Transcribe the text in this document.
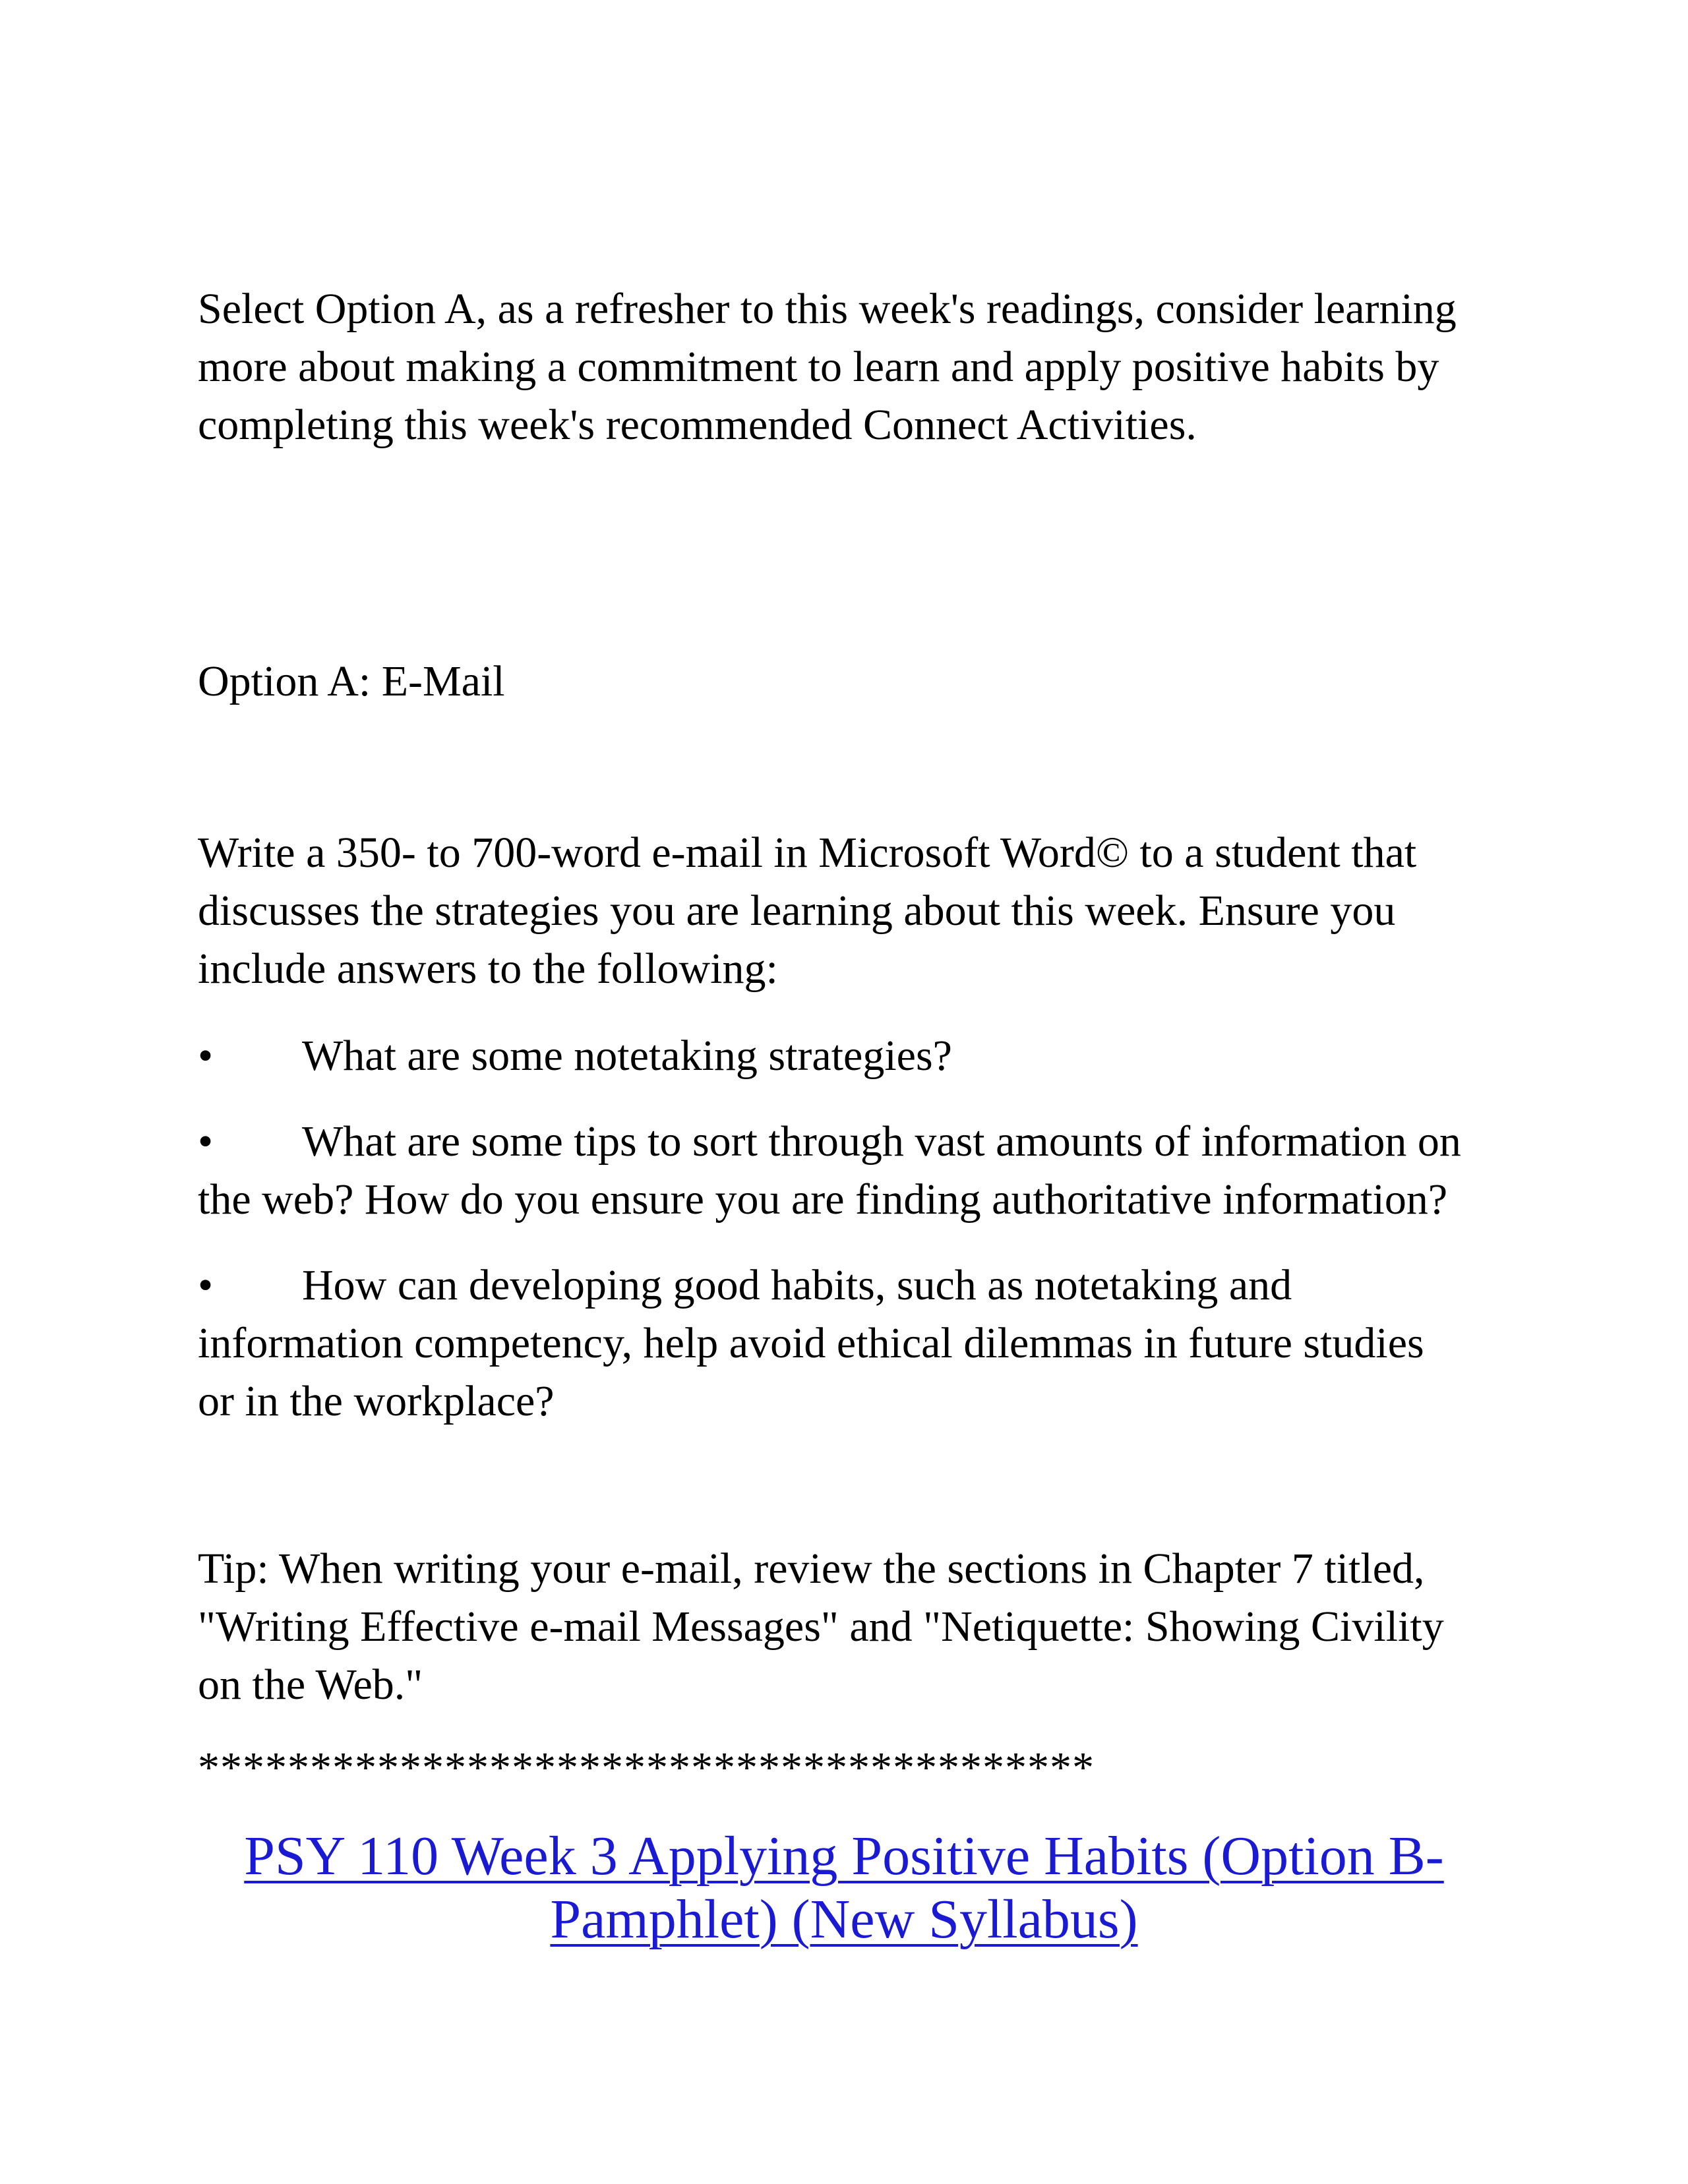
Select Option A, as a refresher to this week's readings, consider learning
more about making a commitment to learn and apply positive habits by
completing this week's recommended Connect Activities.
Option A: E-Mail
Write a 350- to 700-word e-mail in Microsoft Word© to a student that
discusses the strategies you are learning about this week. Ensure you
include answers to the following:
• What are some notetaking strategies?
• What are some tips to sort through vast amounts of information on
the web? How do you ensure you are finding authoritative information?
• How can developing good habits, such as notetaking and
information competency, help avoid ethical dilemmas in future studies
or in the workplace?
Tip: When writing your e-mail, review the sections in Chapter 7 titled,
"Writing Effective e-mail Messages" and "Netiquette: Showing Civility
on the Web."
****************************************
PSY 110 Week 3 Applying Positive Habits (Option B-
Pamphlet) (New Syllabus)
